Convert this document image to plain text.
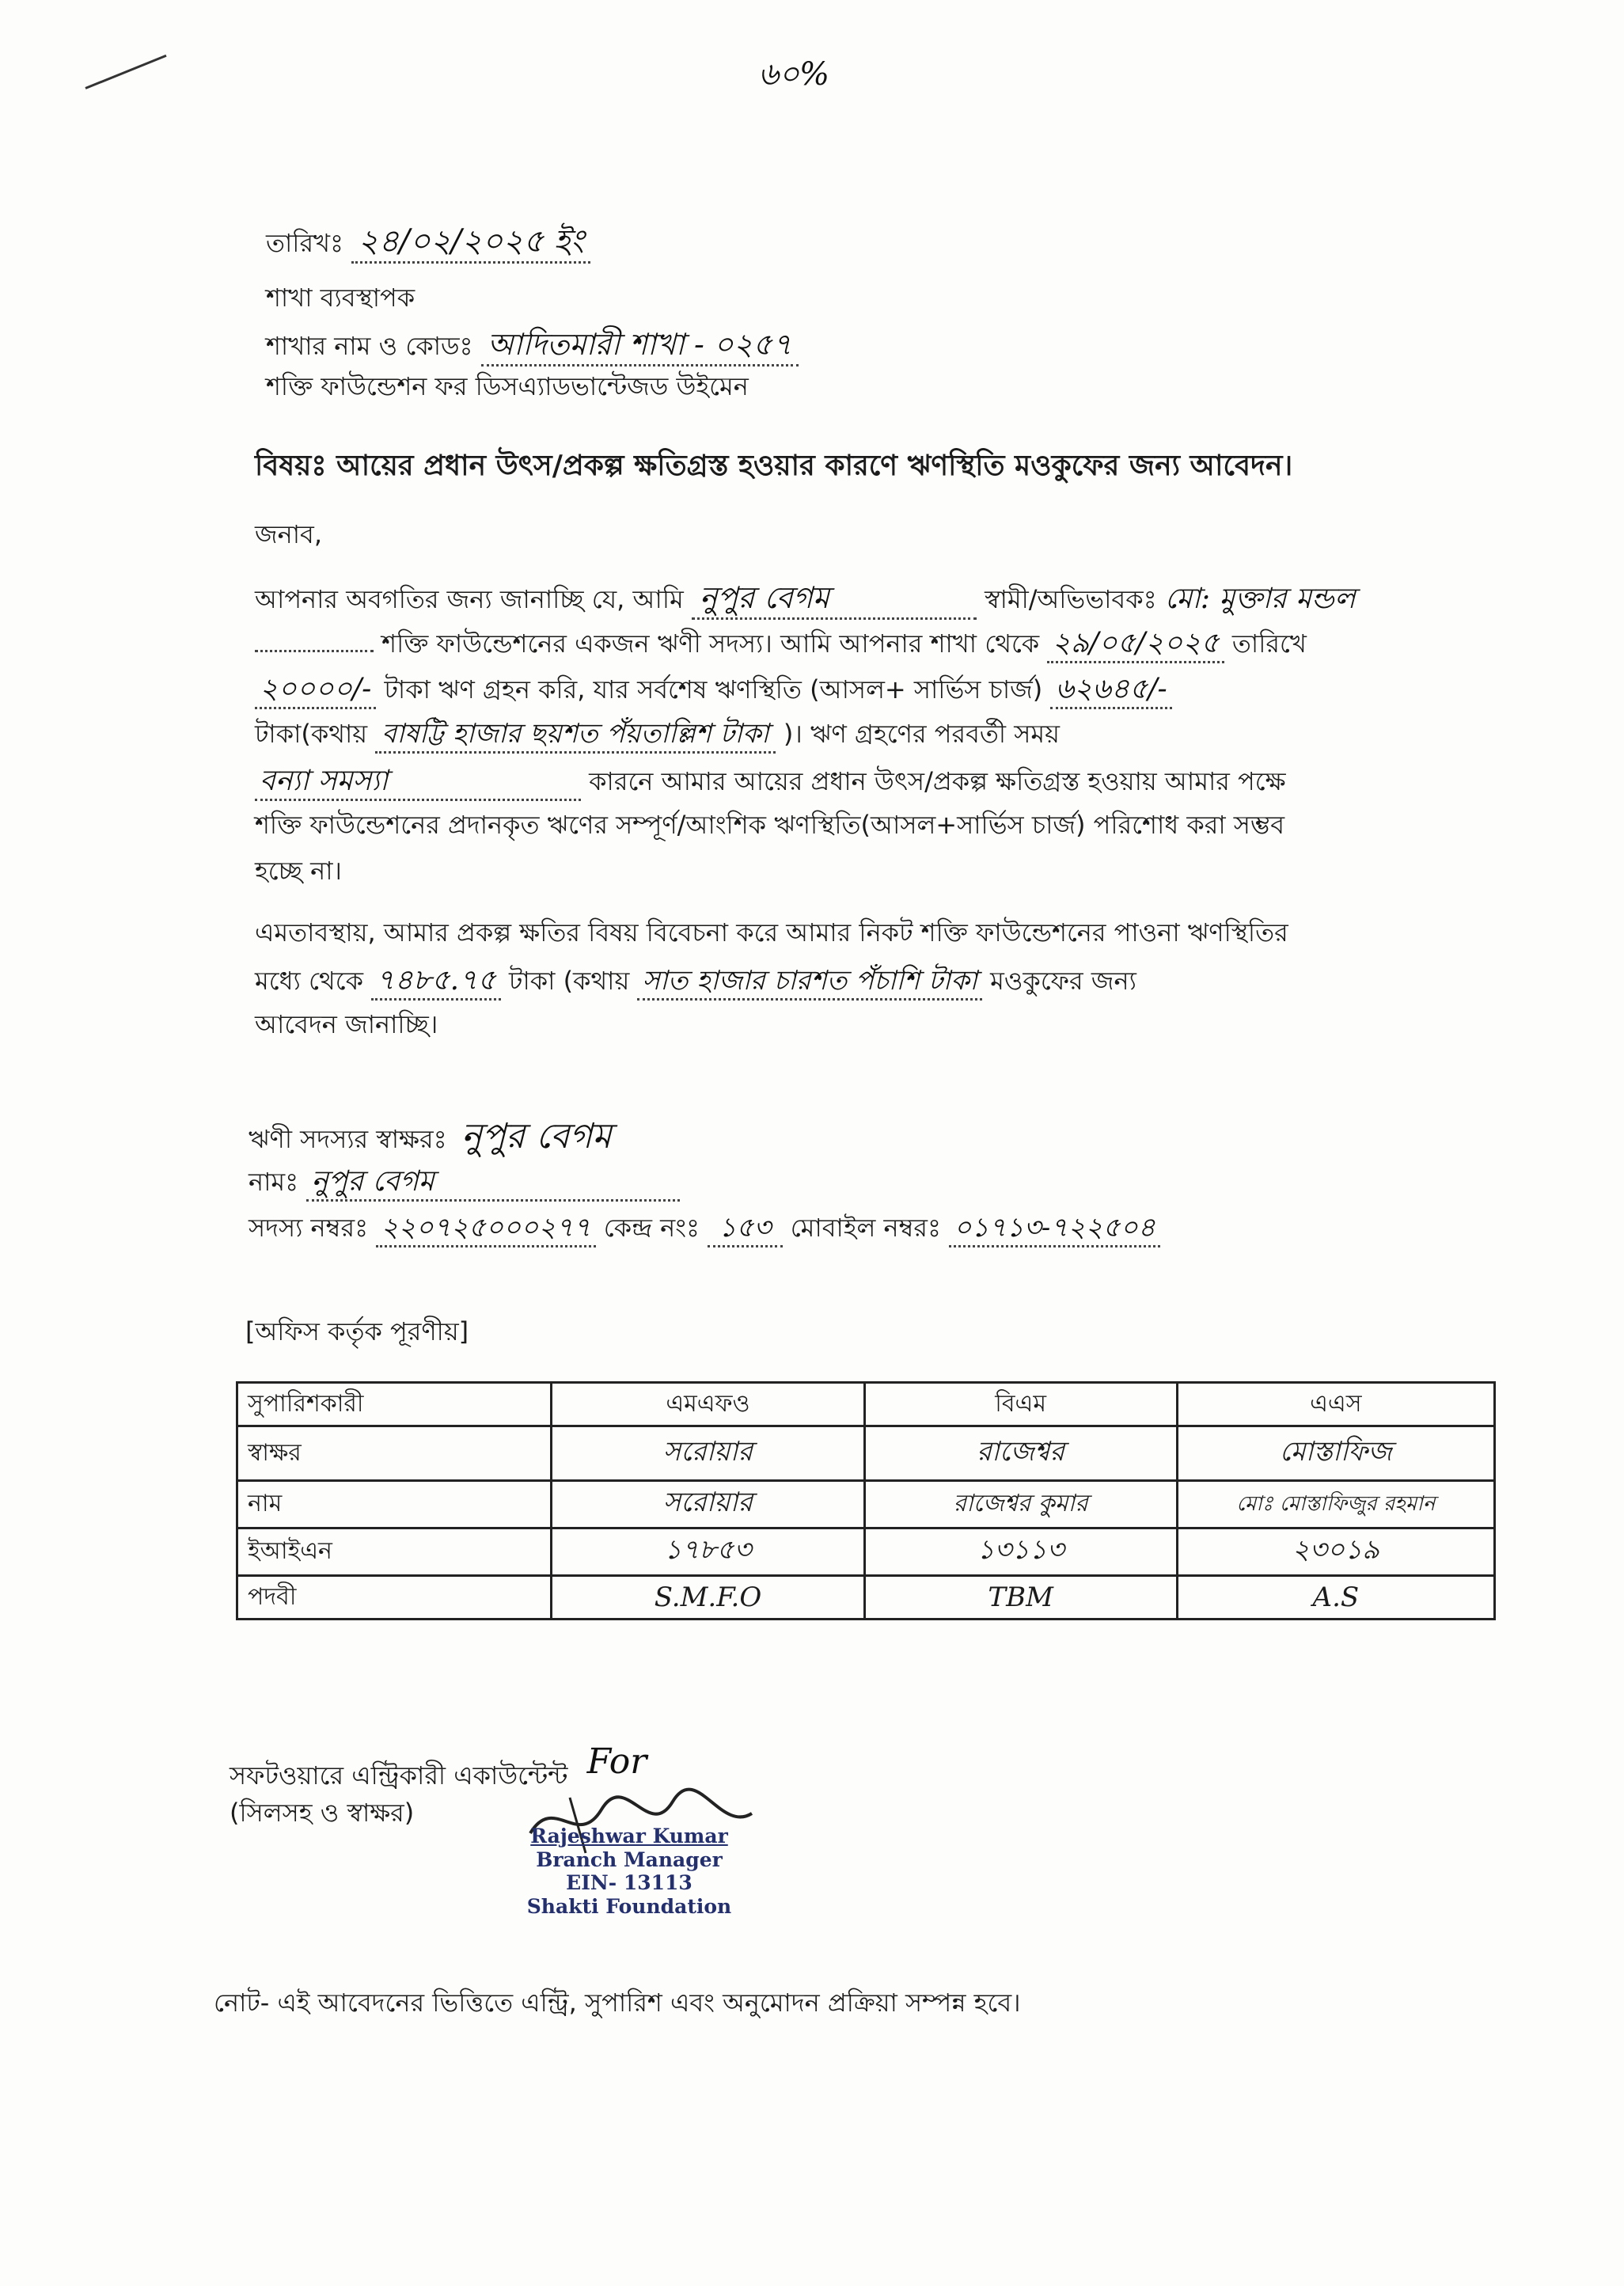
৬০%
তারিখঃ ২৪/০২/২০২৫ ইং
শাখা ব্যবস্থাপক
শাখার নাম ও কোডঃ আদিতমারী শাখা - ০২৫৭
শক্তি ফাউন্ডেশন ফর ডিসএ্যাডভান্টেজড উইমেন
বিষয়ঃ আয়ের প্রধান উৎস/প্রকল্প ক্ষতিগ্রস্ত হওয়ার কারণে ঋণস্থিতি মওকুফের জন্য আবেদন।
জনাব,
আপনার অবগতির জন্য জানাচ্ছি যে, আমি নুপুর বেগম	স্বামী/অভিভাবকঃ মো: মুক্তার মন্ডল
শক্তি ফাউন্ডেশনের একজন ঋণী সদস্য। আমি আপনার শাখা থেকে ২৯/০৫/২০২৫ তারিখে
২০০০০/- টাকা ঋণ গ্রহন করি, যার সর্বশেষ ঋণস্থিতি (আসল+ সার্ভিস চার্জ) ৬২৬৪৫/-
টাকা(কথায় বাষট্টি হাজার ছয়শত পঁয়তাল্লিশ টাকা )। ঋণ গ্রহণের পরবর্তী সময়
বন্যা সমস্যা	কারনে আমার আয়ের প্রধান উৎস/প্রকল্প ক্ষতিগ্রস্ত হওয়ায় আমার পক্ষে
শক্তি ফাউন্ডেশনের প্রদানকৃত ঋণের সম্পূর্ণ/আংশিক ঋণস্থিতি(আসল+সার্ভিস চার্জ) পরিশোধ করা সম্ভব
হচ্ছে না।
এমতাবস্থায়, আমার প্রকল্প ক্ষতির বিষয় বিবেচনা করে আমার নিকট শক্তি ফাউন্ডেশনের পাওনা ঋণস্থিতির
মধ্যে থেকে ৭৪৮৫.৭৫ টাকা (কথায় সাত হাজার চারশত পঁচাশি টাকা মওকুফের জন্য
আবেদন জানাচ্ছি।
ঋণী সদস্যর স্বাক্ষরঃ নুপুর বেগম
নামঃ নুপুর বেগম
সদস্য নম্বরঃ ২২০৭২৫০০০২৭৭ কেন্দ্র নংঃ ১৫৩ মোবাইল নম্বরঃ ০১৭১৩-৭২২৫০৪
[অফিস কর্তৃক পূরণীয়]
সুপারিশকারী	এমএফও	বিএম	এএস
স্বাক্ষর	সরোয়ার	রাজেশ্বর	মোস্তাফিজ
নাম	সরোয়ার	রাজেশ্বর কুমার	মোঃ মোস্তাফিজুর রহমান
ইআইএন	১৭৮৫৩	১৩১১৩	২৩০১৯
পদবী	S.M.F.O	TBM	A.S
সফটওয়ারে এন্ট্রিকারী একাউন্টেন্ট For
(সিলসহ ও স্বাক্ষর)
Rajeshwar Kumar
Branch Manager
EIN- 13113
Shakti Foundation
নোট- এই আবেদনের ভিত্তিতে এন্ট্রি, সুপারিশ এবং অনুমোদন প্রক্রিয়া সম্পন্ন হবে।
